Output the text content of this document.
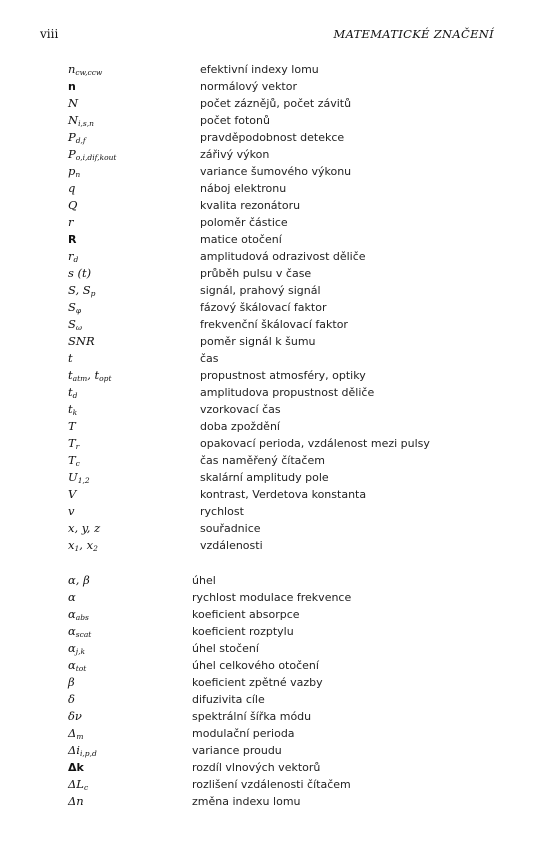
viii	MATEMATICKÉ ZNAČENÍ
$n_{cw,ccw}$	efektivní indexy lomu
n	normálový vektor
N	počet záznějů, počet závitů
$N_{i,s,n}$	počet fotonů
$P_{d,f}$	pravděpodobnost detekce
$P_{o,i,dif,kout}$	zářivý výkon
$p_n$	variance šumového výkonu
q	náboj elektronu
Q	kvalita rezonátoru
r	poloměr částice
R	matice otočení
$r_d$	amplitudová odrazivost děliče
s (t)	průběh pulsu v čase
S, $S_p$	signál, prahový signál
$S_\varphi$	fázový škálovací faktor
$S_\omega$	frekvenční škálovací faktor
SNR	poměr signál k šumu
t	čas
$t_{atm}$, $t_{opt}$	propustnost atmosféry, optiky
$t_d$	amplitudova propustnost děliče
$t_k$	vzorkovací čas
T	doba zpoždění
$T_r$	opakovací perioda, vzdálenost mezi pulsy
$T_c$	čas naměřený čítačem
$U_{1,2}$	skalární amplitudy pole
V	kontrast, Verdetova konstanta
v	rychlost
x, y, z	souřadnice
$x_1$, $x_2$	vzdálenosti
α, β	úhel
α	rychlost modulace frekvence
$\alpha_{abs}$	koeficient absorpce
$\alpha_{scat}$	koeficient rozptylu
$\alpha_{j,k}$	úhel stočení
$\alpha_{tot}$	úhel celkového otočení
β	koeficient zpětné vazby
δ	difuzivita cíle
δν	spektrální šířka módu
$\Delta_m$	modulační perioda
$\Delta i_{i,p,d}$	variance proudu
Δk	rozdíl vlnových vektorů
$\Delta L_c$	rozlišení vzdálenosti čítačem
Δn	změna indexu lomu
